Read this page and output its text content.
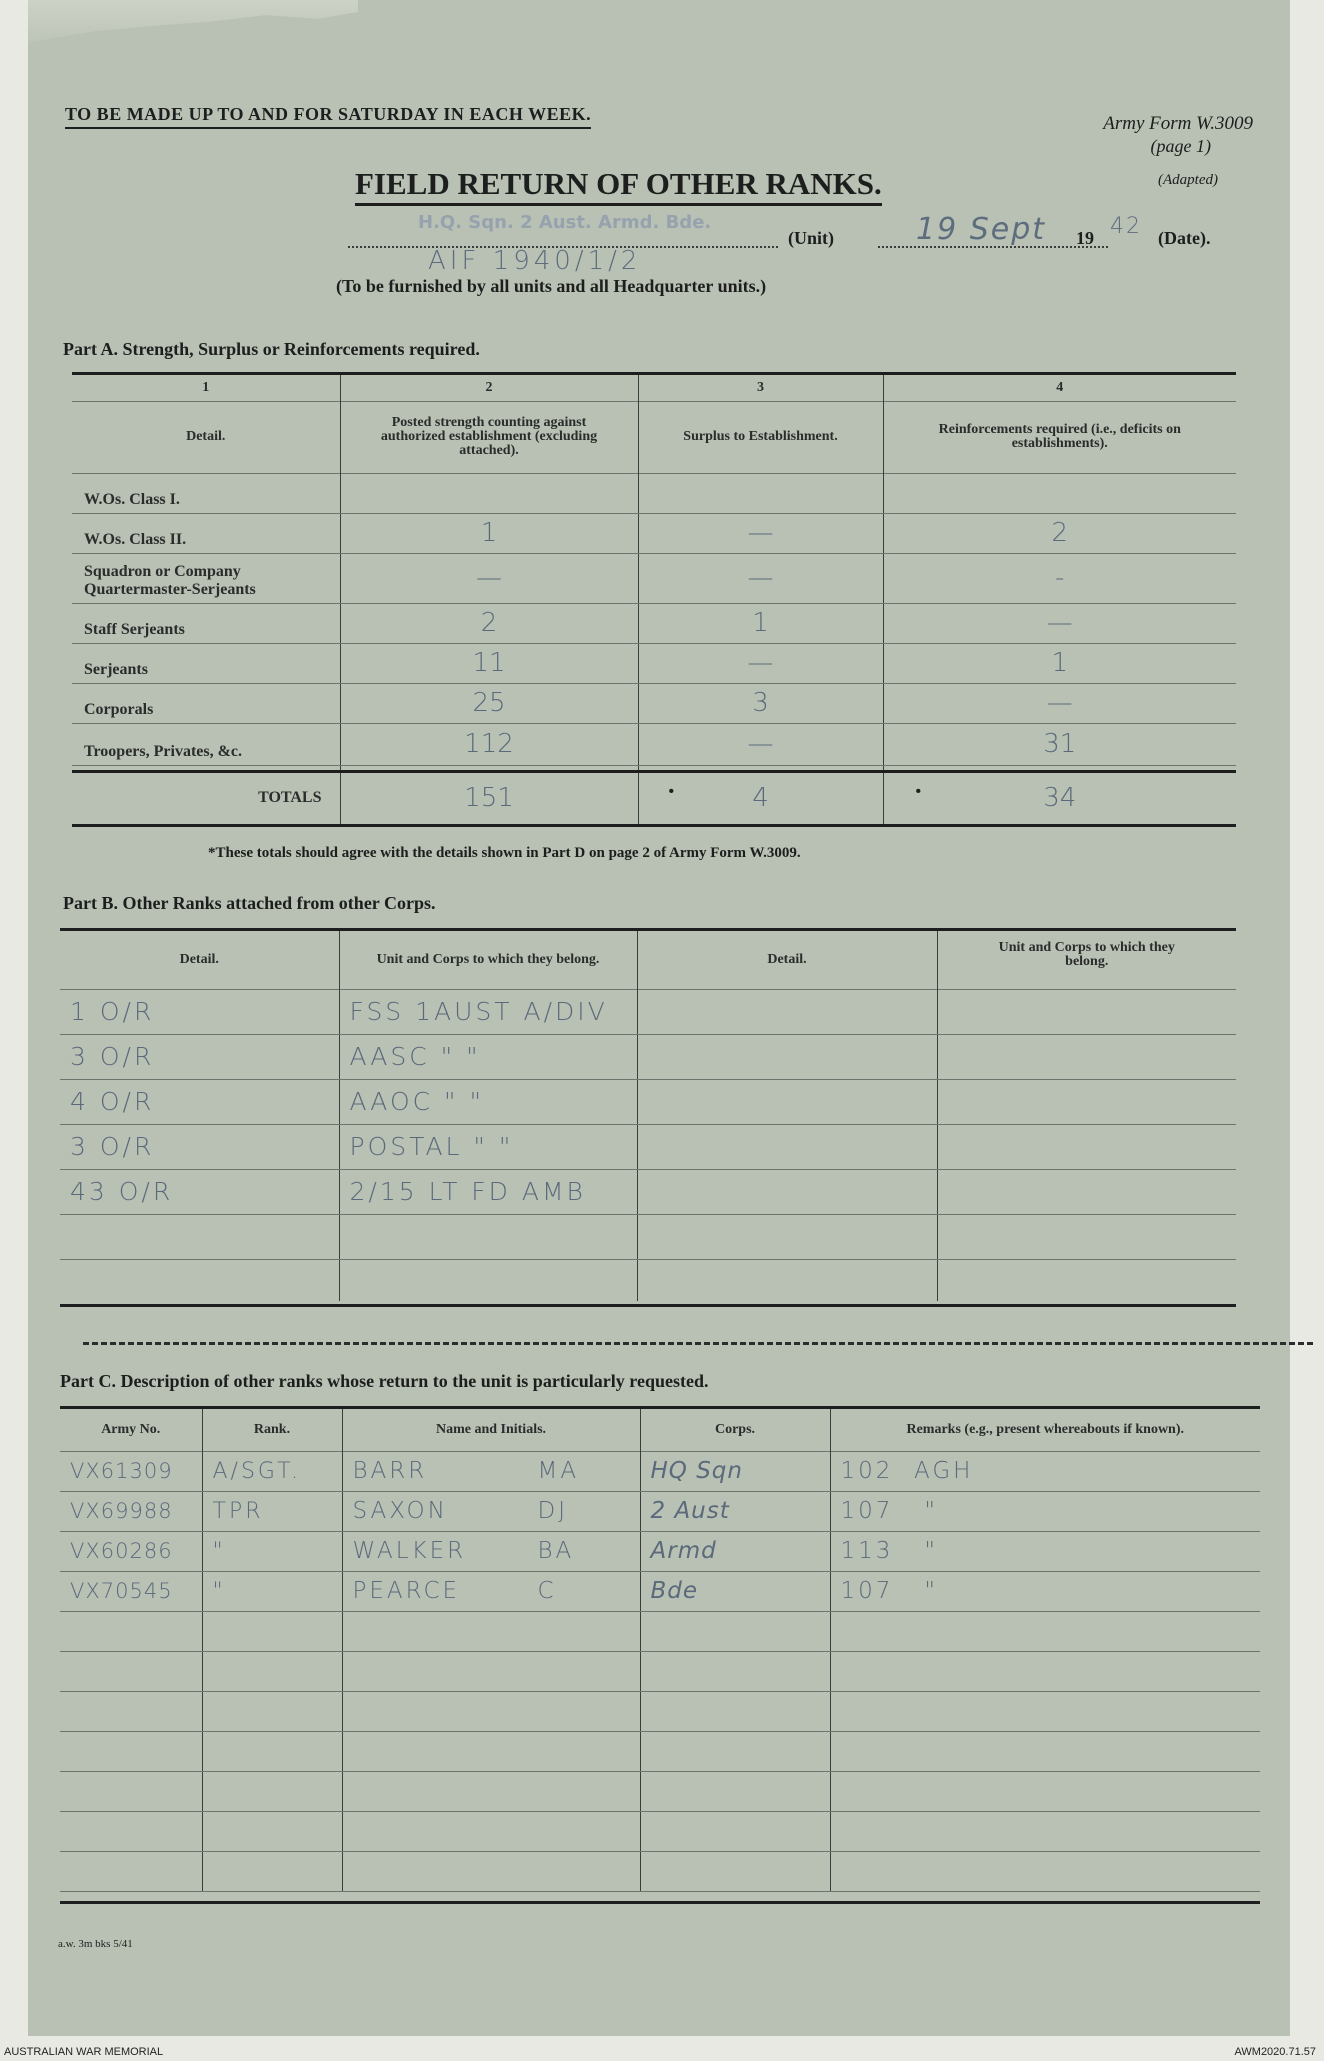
TO BE MADE UP TO AND FOR SATURDAY IN EACH WEEK.	Army Form W.3009
(page 1)
(Adapted)
FIELD RETURN OF OTHER RANKS.
H.Q. Sqn. 2 Aust. Armd. Bde.
(Unit)	19 Sept 19 42 (Date).
AIF 1940/1/2
(To be furnished by all units and all Headquarter units.)
Part A. Strength, Surplus or Reinforcements required.
1	2	3	4
Detail.	Posted strength counting against authorized establishment (excluding attached).	Surplus to Establishment.	Reinforcements required (i.e., deficits on establishments).
W.Os. Class I.			
W.Os. Class II.	1	—	2
Squadron or Company Quartermaster-Serjeants	—	—	-
Staff Serjeants	2	1	—
Serjeants	11	—	1
Corporals	25	3	—
Troopers, Privates, &c.	112	—	31

TOTALS	151	• 4	• 34
*These totals should agree with the details shown in Part D on page 2 of Army Form W.3009.
Part B. Other Ranks attached from other Corps.
Detail.	Unit and Corps to which they belong.	Detail.	Unit and Corps to which they belong.
1 O/R	FSS 1AUST A/DIV		
3 O/R	AASC " "		
4 O/R	AAOC " "		
3 O/R	POSTAL " "		
43 O/R	2/15 LT FD AMB		

Part C. Description of other ranks whose return to the unit is particularly requested.
Army No.	Rank.	Name and Initials.	Corps.	Remarks (e.g., present whereabouts if known).
VX61309	A/SGT.	BARR MA	HQ Sqn	102  AGH
VX69988	TPR	SAXON DJ	2 Aust	107   "
VX60286	"	WALKER BA	Armd	113   "
VX70545	"	PEARCE C	Bde	107   "

a.w. 3m bks 5/41
AUSTRALIAN WAR MEMORIAL	AWM2020.71.57
